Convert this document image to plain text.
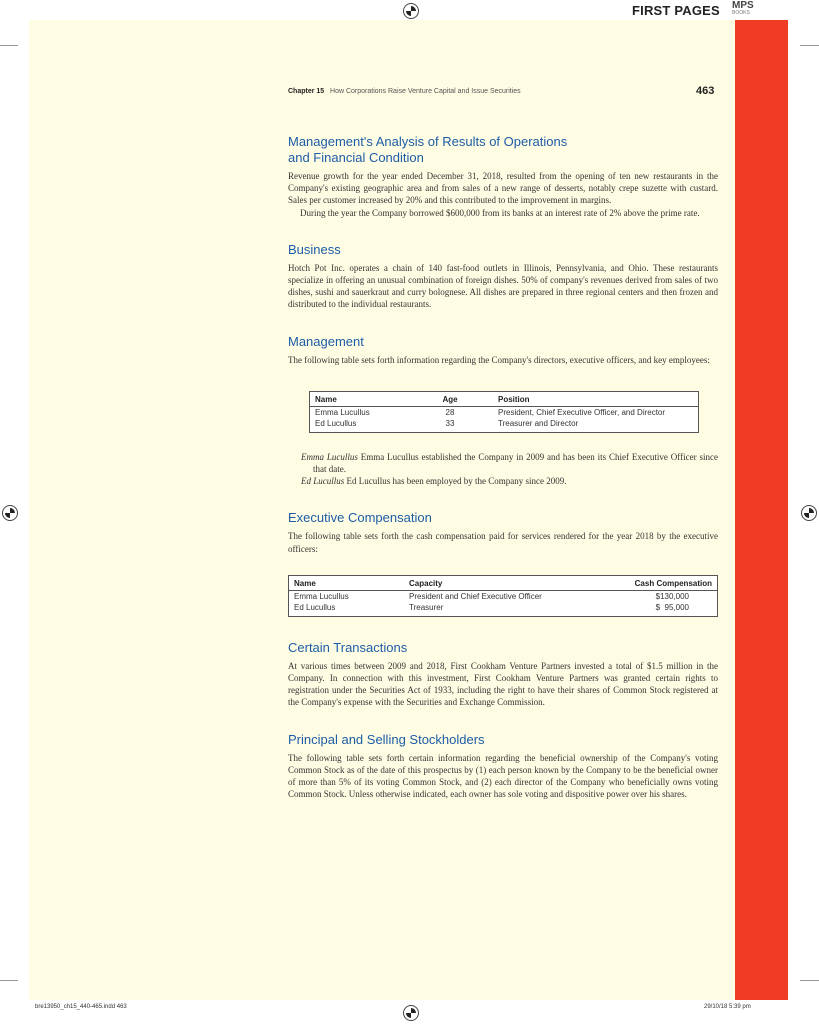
FIRST PAGES MPS
BOOKS
bre13950_ch15_440-465.indd 463	29/10/18 5:39 pm
Chapter 15 How Corporations Raise Venture Capital and Issue Securities	463
Management's Analysis of Results of Operations
and Financial Condition

Revenue growth for the year ended December 31, 2018, resulted from the opening of ten new restaurants in the Company's existing geographic area and from sales of a new range of desserts, notably crepe suzette with custard. Sales per customer increased by 20% and this contributed to the improvement in margins.

During the year the Company borrowed $600,000 from its banks at an interest rate of 2% above the prime rate.

Business

Hotch Pot Inc. operates a chain of 140 fast-food outlets in Illinois, Pennsylvania, and Ohio. These restaurants specialize in offering an unusual combination of foreign dishes. 50% of company's revenues derived from sales of two dishes, sushi and sauerkraut and curry bolognese. All dishes are prepared in three regional centers and then frozen and distributed to the individual restaurants.

Management

The following table sets forth information regarding the Company's directors, executive officers, and key employees:

Name	Age	Position
Emma Lucullus	28	President, Chief Executive Officer, and Director
Ed Lucullus	33	Treasurer and Director

Emma Lucullus Emma Lucullus established the Company in 2009 and has been its Chief Executive Officer since that date.

Ed Lucullus Ed Lucullus has been employed by the Company since 2009.

Executive Compensation

The following table sets forth the cash compensation paid for services rendered for the year 2018 by the executive officers:

Name	Capacity	Cash Compensation
Emma Lucullus	President and Chief Executive Officer	$130,000
Ed Lucullus	Treasurer	$  95,000
Certain Transactions

At various times between 2009 and 2018, First Cookham Venture Partners invested a total of $1.5 million in the Company. In connection with this investment, First Cookham Venture Partners was granted certain rights to registration under the Securities Act of 1933, including the right to have their shares of Common Stock registered at the Company's expense with the Securities and Exchange Commission.

Principal and Selling Stockholders

The following table sets forth certain information regarding the beneficial ownership of the Company's voting Common Stock as of the date of this prospectus by (1) each person known by the Company to be the beneficial owner of more than 5% of its voting Common Stock, and (2) each director of the Company who beneficially owns voting Common Stock. Unless otherwise indicated, each owner has sole voting and dispositive power over his shares.
